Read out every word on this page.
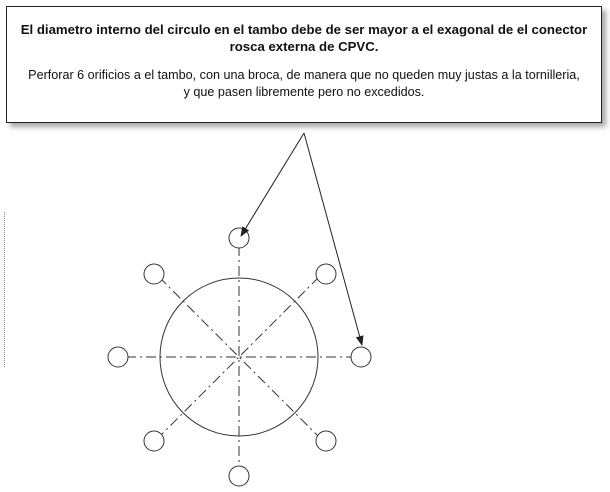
El diametro interno del circulo en el tambo debe de ser mayor a el exagonal de el conector
rosca externa de CPVC.

Perforar 6 orificios a el tambo, con una broca, de manera que no queden muy justas a la tornilleria,
y que pasen libremente pero no excedidos.
